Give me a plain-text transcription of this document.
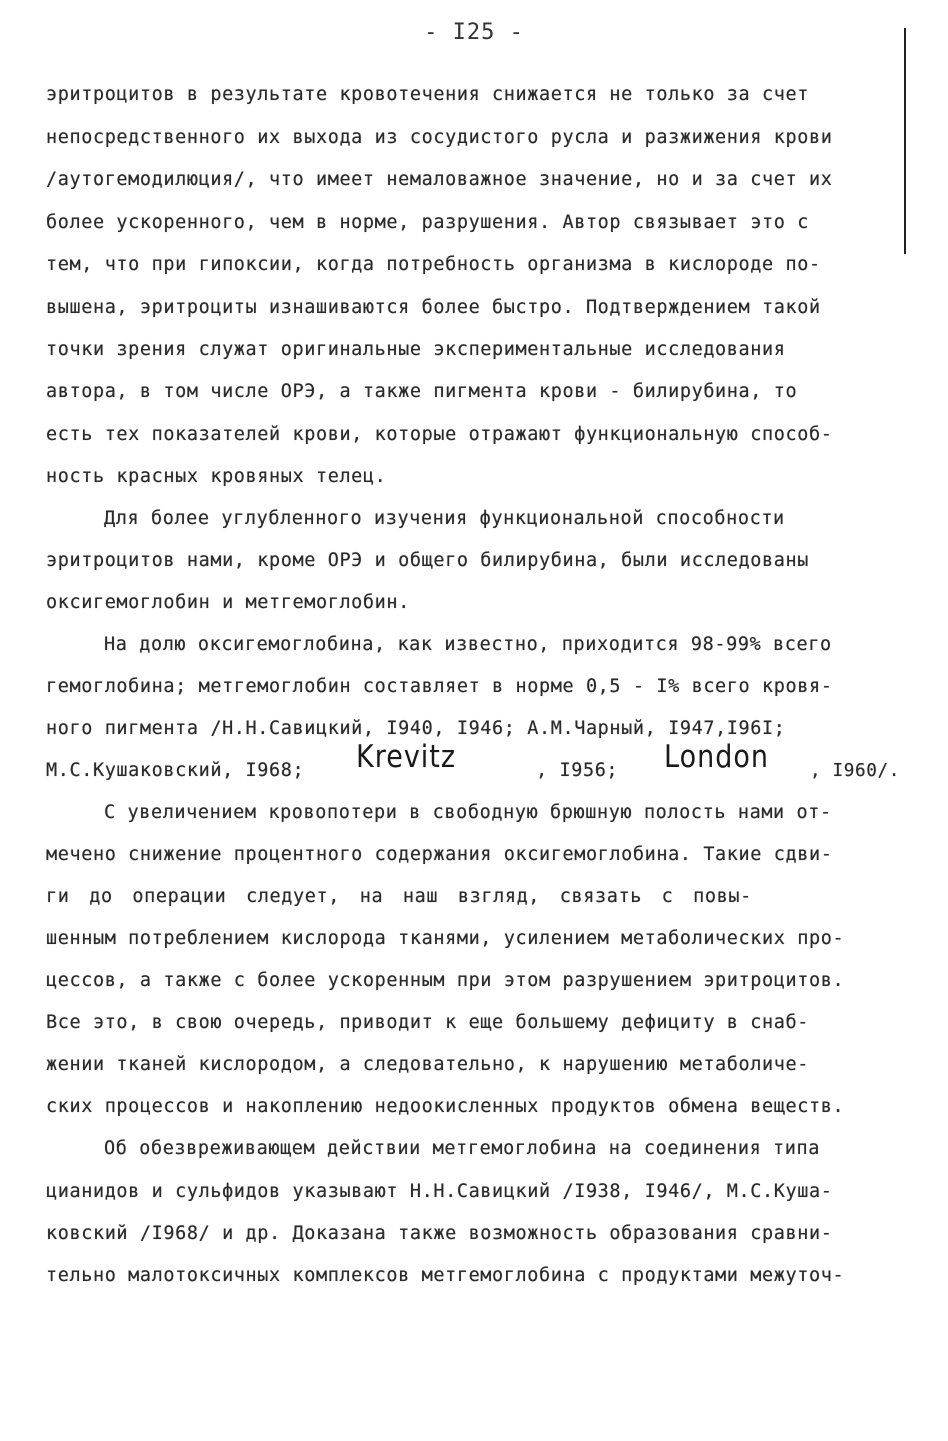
- I25 -
эритроцитов в результате кровотечения снижается не только за счет
непосредственного их выхода из сосудистого русла и разжижения крови
/аутогемодилюция/, что имеет немаловажное значение, но и за счет их
более ускоренного, чем в норме, разрушения. Автор связывает это с
тем, что при гипоксии, когда потребность организма в кислороде по-
вышена, эритроциты изнашиваются более быстро. Подтверждением такой
точки зрения служат оригинальные экспериментальные исследования
автора, в том числе ОРЭ, а также пигмента крови - билирубина, то
есть тех показателей крови, которые отражают функциональную способ-
ность красных кровяных телец.
Для более углубленного изучения функциональной способности
эритроцитов нами, кроме ОРЭ и общего билирубина, были исследованы
оксигемоглобин и метгемоглобин.
На долю оксигемоглобина, как известно, приходится 98-99% всего
гемоглобина; метгемоглобин составляет в норме 0,5 - I% всего кровя-
ного пигмента /Н.Н.Савицкий, I940, I946; А.М.Чарный, I947,I96I;
М.С.Кушаковский, I968; Krevitz	, I956; London , I960/.
С увеличением кровопотери в свободную брюшную полость нами от-
мечено снижение процентного содержания оксигемоглобина. Такие сдви-
ги до операции следует, на наш взгляд, связать с повы-
шенным потреблением кислорода тканями, усилением метаболических про-
цессов, а также с более ускоренным при этом разрушением эритроцитов.
Все это, в свою очередь, приводит к еще большему дефициту в снаб-
жении тканей кислородом, а следовательно, к нарушению метаболиче-
ских процессов и накоплению недоокисленных продуктов обмена веществ.
Об обезвреживающем действии метгемоглобина на соединения типа
цианидов и сульфидов указывают Н.Н.Савицкий /I938, I946/, М.С.Куша-
ковский /I968/ и др. Доказана также возможность образования сравни-
тельно малотоксичных комплексов метгемоглобина с продуктами межуточ-
